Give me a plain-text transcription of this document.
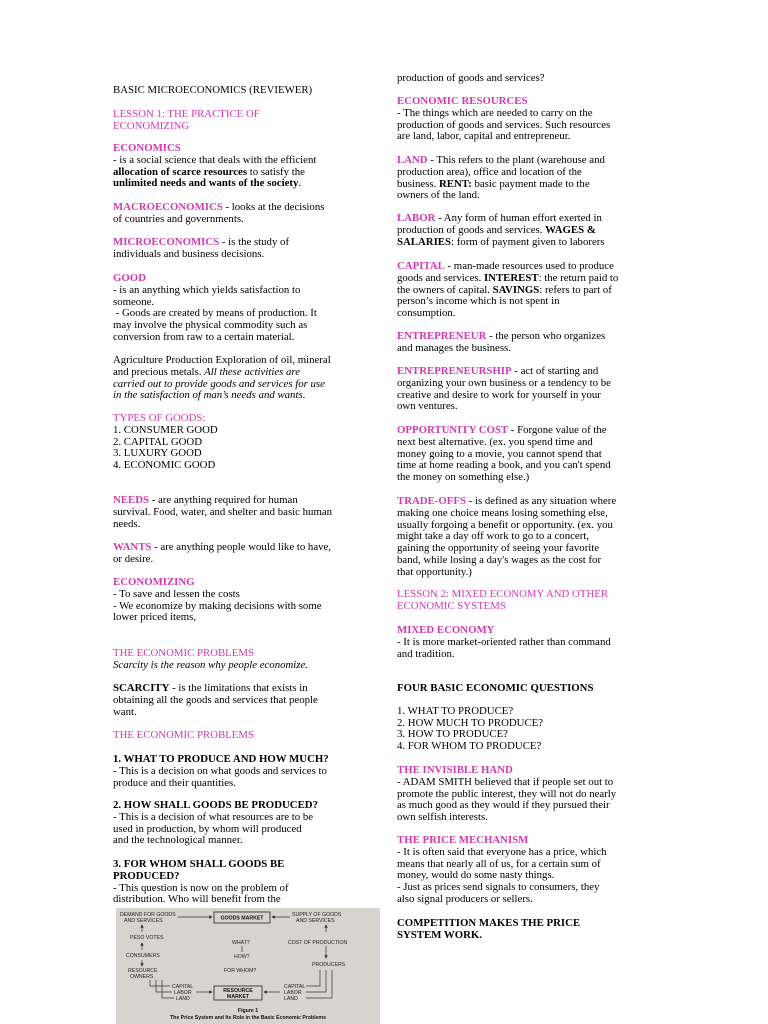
BASIC MICROECONOMICS (REVIEWER)
LESSON 1: THE PRACTICE OF
ECONOMIZING
ECONOMICS
- is a social science that deals with the efficient
allocation of scarce resources to satisfy the
unlimited needs and wants of the society.
MACROECONOMICS - looks at the decisions
of countries and governments.
MICROECONOMICS - is the study of
individuals and business decisions.
GOOD
- is an anything which yields satisfaction to
someone.
- Goods are created by means of production. It
may involve the physical commodity such as
conversion from raw to a certain material.
Agriculture Production Exploration of oil, mineral
and precious metals. All these activities are
carried out to provide goods and services for use
in the satisfaction of man’s needs and wants.
TYPES OF GOODS:
1. CONSUMER GOOD
2. CAPITAL GOOD
3. LUXURY GOOD
4. ECONOMIC GOOD
NEEDS - are anything required for human
survival. Food, water, and shelter and basic human
needs.
WANTS - are anything people would like to have,
or desire.
ECONOMIZING
- To save and lessen the costs
- We economize by making decisions with some
lower priced items,
THE ECONOMIC PROBLEMS
Scarcity is the reason why people economize.
SCARCITY - is the limitations that exists in
obtaining all the goods and services that people
want.
THE ECONOMIC PROBLEMS
1. WHAT TO PRODUCE AND HOW MUCH?
- This is a decision on what goods and services to
produce and their quantities.
2. HOW SHALL GOODS BE PRODUCED?
- This is a decision of what resources are to be
used in production, by whom will produced
and the technological manner.
3. FOR WHOM SHALL GOODS BE
PRODUCED?
- This question is now on the problem of
distribution. Who will benefit from the
GOODS MARKET
DEMAND FOR GOODS
AND SERVICES
SUPPLY OF GOODS
AND SERVICES
PESO VOTES
WHAT?	COST OF PRODUCTION
CONSUMERS	HOW?
PRODUCERS
RESOURCE
OWNERS
FOR WHOM?
CAPITAL
LABOR
LAND
RESOURCE
MARKET
CAPITAL
LABOR
LAND
Figure 1
The Price System and Its Role in the Basic Economic Problems
production of goods and services?
ECONOMIC RESOURCES
- The things which are needed to carry on the
production of goods and services. Such resources
are land, labor, capital and entrepreneur.
LAND - This refers to the plant (warehouse and
production area), office and location of the
business. RENT: basic payment made to the
owners of the land.
LABOR - Any form of human effort exerted in
production of goods and services. WAGES &
SALARIES: form of payment given to laborers
CAPITAL - man-made resources used to produce
goods and services. INTEREST: the return paid to
the owners of capital. SAVINGS: refers to part of
person’s income which is not spent in
consumption.
ENTREPRENEUR - the person who organizes
and manages the business.
ENTREPRENEURSHIP - act of starting and
organizing your own business or a tendency to be
creative and desire to work for yourself in your
own ventures.
OPPORTUNITY COST - Forgone value of the
next best alternative. (ex. you spend time and
money going to a movie, you cannot spend that
time at home reading a book, and you can't spend
the money on something else.)
TRADE-OFFS - is defined as any situation where
making one choice means losing something else,
usually forgoing a benefit or opportunity. (ex. you
might take a day off work to go to a concert,
gaining the opportunity of seeing your favorite
band, while losing a day's wages as the cost for
that opportunity.)
LESSON 2: MIXED ECONOMY AND OTHER
ECONOMIC SYSTEMS
MIXED ECONOMY
- It is more market-oriented rather than command
and tradition.
FOUR BASIC ECONOMIC QUESTIONS
1. WHAT TO PRODUCE?
2. HOW MUCH TO PRODUCE?
3. HOW TO PRODUCE?
4. FOR WHOM TO PRODUCE?
THE INVISIBLE HAND
- ADAM SMITH believed that if people set out to
promote the public interest, they will not do nearly
as much good as they would if they pursued their
own selfish interests.
THE PRICE MECHANISM
- It is often said that everyone has a price, which
means that nearly all of us, for a certain sum of
money, would do some nasty things.
- Just as prices send signals to consumers, they
also signal producers or sellers.
COMPETITION MAKES THE PRICE
SYSTEM WORK.
